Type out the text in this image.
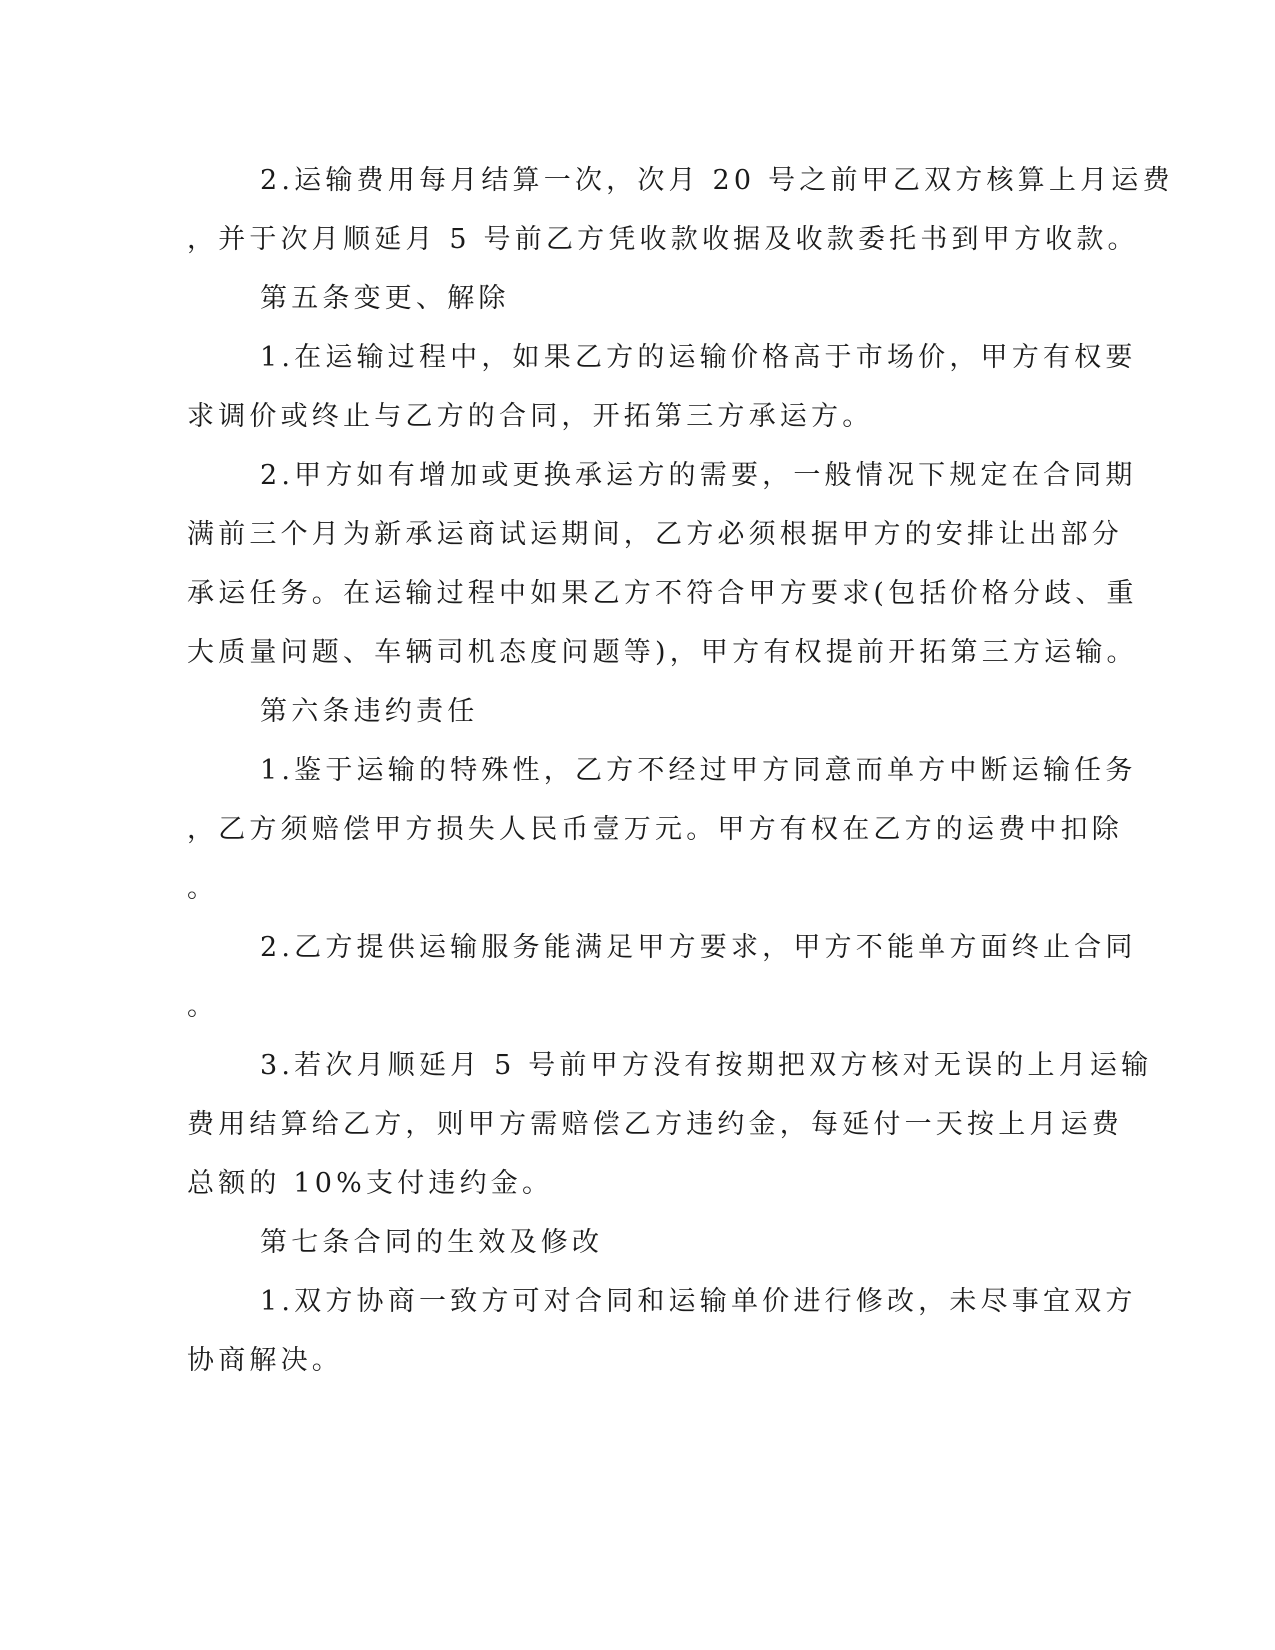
2.运输费用每月结算一次，次月 20 号之前甲乙双方核算上月运费
，并于次月顺延月 5 号前乙方凭收款收据及收款委托书到甲方收款。
第五条变更、解除
1.在运输过程中，如果乙方的运输价格高于市场价，甲方有权要
求调价或终止与乙方的合同，开拓第三方承运方。
2.甲方如有增加或更换承运方的需要，一般情况下规定在合同期
满前三个月为新承运商试运期间，乙方必须根据甲方的安排让出部分
承运任务。在运输过程中如果乙方不符合甲方要求(包括价格分歧、重
大质量问题、车辆司机态度问题等)，甲方有权提前开拓第三方运输。
第六条违约责任
1.鉴于运输的特殊性，乙方不经过甲方同意而单方中断运输任务
，乙方须赔偿甲方损失人民币壹万元。甲方有权在乙方的运费中扣除
。
2.乙方提供运输服务能满足甲方要求，甲方不能单方面终止合同
。
3.若次月顺延月 5 号前甲方没有按期把双方核对无误的上月运输
费用结算给乙方，则甲方需赔偿乙方违约金，每延付一天按上月运费
总额的 10%支付违约金。
第七条合同的生效及修改
1.双方协商一致方可对合同和运输单价进行修改，未尽事宜双方
协商解决。
